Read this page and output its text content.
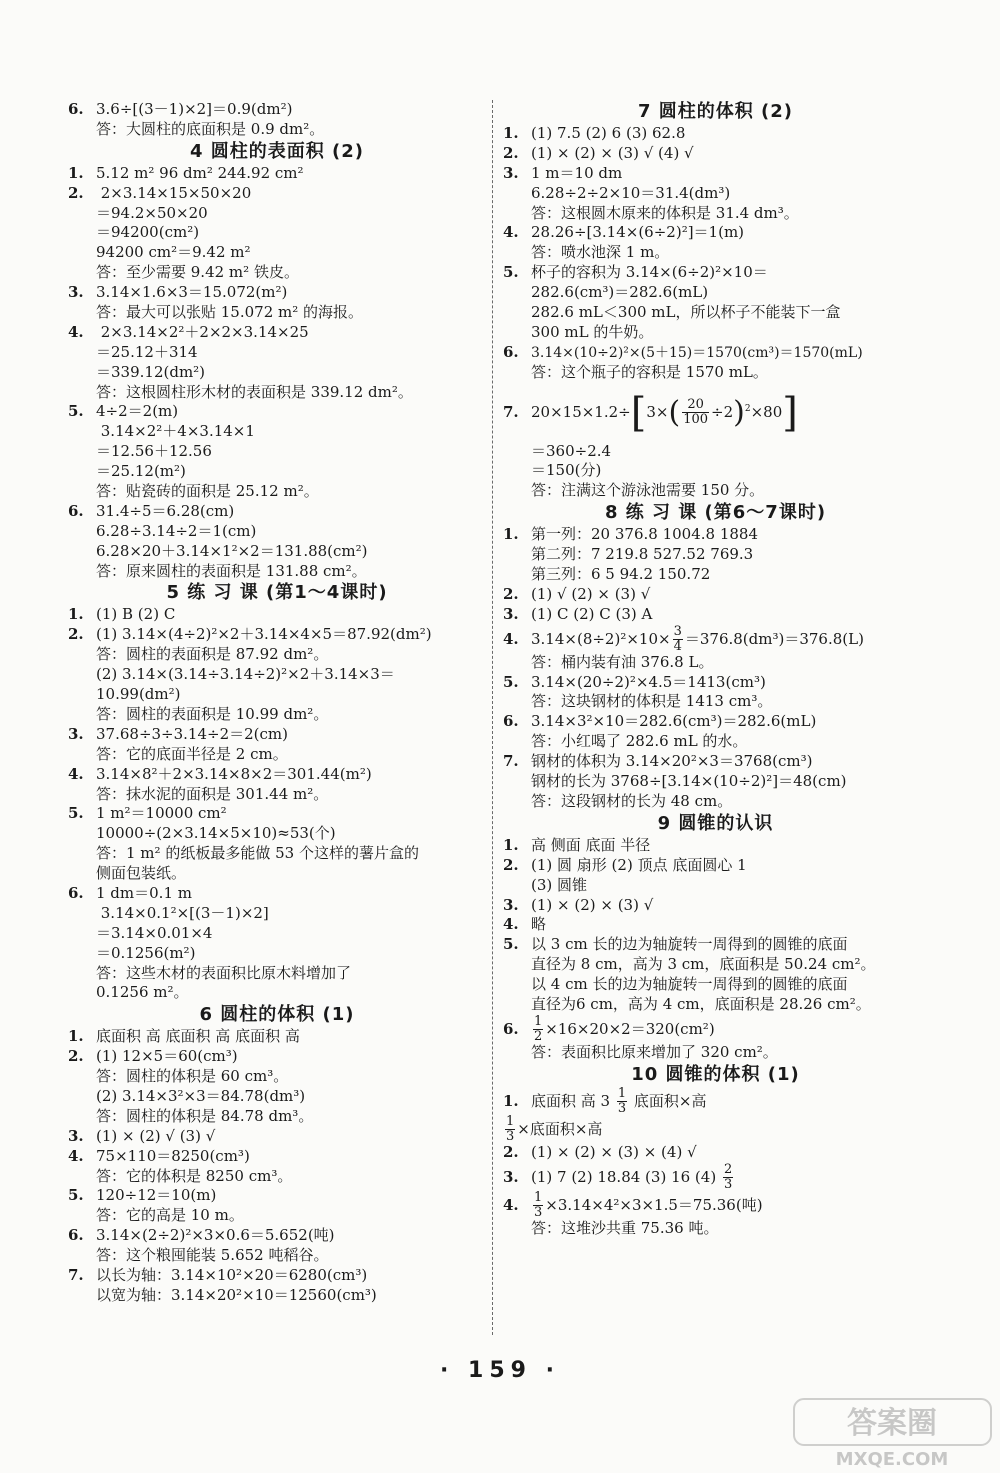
6. 3.6÷[(3－1)×2]＝0.9(dm²)
答：大圆柱的底面积是 0.9 dm²。
4 圆柱的表面积 (2)
1. 5.12 m² 96 dm² 244.92 cm²
2. 2×3.14×15×50×20
＝94.2×50×20
＝94200(cm²)
94200 cm²＝9.42 m²
答：至少需要 9.42 m² 铁皮。
3. 3.14×1.6×3＝15.072(m²)
答：最大可以张贴 15.072 m² 的海报。
4. 2×3.14×2²＋2×2×3.14×25
＝25.12＋314
＝339.12(dm²)
答：这根圆柱形木材的表面积是 339.12 dm²。
5. 4÷2＝2(m)
3.14×2²＋4×3.14×1
＝12.56＋12.56
＝25.12(m²)
答：贴瓷砖的面积是 25.12 m²。
6. 31.4÷5＝6.28(cm)
6.28÷3.14÷2＝1(cm)
6.28×20＋3.14×1²×2＝131.88(cm²)
答：原来圆柱的表面积是 131.88 cm²。
5 练 习 课 (第1～4课时)
1. (1) B (2) C
2. (1) 3.14×(4÷2)²×2＋3.14×4×5＝87.92(dm²)
答：圆柱的表面积是 87.92 dm²。
(2) 3.14×(3.14÷3.14÷2)²×2＋3.14×3＝
10.99(dm²)
答：圆柱的表面积是 10.99 dm²。
3. 37.68÷3÷3.14÷2＝2(cm)
答：它的底面半径是 2 cm。
4. 3.14×8²＋2×3.14×8×2＝301.44(m²)
答：抹水泥的面积是 301.44 m²。
5. 1 m²＝10000 cm²
10000÷(2×3.14×5×10)≈53(个)
答：1 m² 的纸板最多能做 53 个这样的薯片盒的
侧面包装纸。
6. 1 dm＝0.1 m
3.14×0.1²×[(3－1)×2]
＝3.14×0.01×4
＝0.1256(m²)
答：这些木材的表面积比原木料增加了
0.1256 m²。
6 圆柱的体积 (1)
1. 底面积 高 底面积 高 底面积 高
2. (1) 12×5＝60(cm³)
答：圆柱的体积是 60 cm³。
(2) 3.14×3²×3＝84.78(dm³)
答：圆柱的体积是 84.78 dm³。
3. (1) × (2) √ (3) √
4. 75×110＝8250(cm³)
答：它的体积是 8250 cm³。
5. 120÷12＝10(m)
答：它的高是 10 m。
6. 3.14×(2÷2)²×3×0.6＝5.652(吨)
答：这个粮囤能装 5.652 吨稻谷。
7. 以长为轴：3.14×10²×20＝6280(cm³)
以宽为轴：3.14×20²×10＝12560(cm³)
7 圆柱的体积 (2)
1. (1) 7.5 (2) 6 (3) 62.8
2. (1) × (2) × (3) √ (4) √
3. 1 m＝10 dm
6.28÷2÷2×10＝31.4(dm³)
答：这根圆木原来的体积是 31.4 dm³。
4. 28.26÷[3.14×(6÷2)²]＝1(m)
答：喷水池深 1 m。
5. 杯子的容积为 3.14×(6÷2)²×10＝
282.6(cm³)＝282.6(mL)
282.6 mL＜300 mL，所以杯子不能装下一盒
300 mL 的牛奶。
6. 3.14×(10÷2)²×(5＋15)＝1570(cm³)＝1570(mL)
答：这个瓶子的容积是 1570 mL。
7. $20\times 15\times 1.2\div[3\times( \frac{20}{100} \div 2)^2\times 80]$
＝360÷2.4
＝150(分)
答：注满这个游泳池需要 150 分。
8 练 习 课 (第6～7课时)
1. 第一列：20 376.8 1004.8 1884
第二列：7 219.8 527.52 769.3
第三列：6 5 94.2 150.72
2. (1) √ (2) × (3) √
3. (1) C (2) C (3) A
4. $3.14\times(8\div 2)^2\times 10\times \frac{3}{4} =376.8(dm^3)=376.8(L)$
答：桶内装有油 376.8 L。
5. 3.14×(20÷2)²×4.5＝1413(cm³)
答：这块钢材的体积是 1413 cm³。
6. 3.14×3²×10＝282.6(cm³)＝282.6(mL)
答：小红喝了 282.6 mL 的水。
7. 钢材的体积为 3.14×20²×3＝3768(cm³)
钢材的长为 3768÷[3.14×(10÷2)²]＝48(cm)
答：这段钢材的长为 48 cm。
9 圆锥的认识
1. 高 侧面 底面 半径
2. (1) 圆 扇形 (2) 顶点 底面圆心 1
(3) 圆锥
3. (1) × (2) × (3) √
4. 略
5. 以 3 cm 长的边为轴旋转一周得到的圆锥的底面
直径为 8 cm，高为 3 cm，底面积是 50.24 cm²。
以 4 cm 长的边为轴旋转一周得到的圆锥的底面
直径为6 cm，高为 4 cm，底面积是 28.26 cm²。
6. $\frac{1}{2} \times 16\times 20\times 2=320(cm^2)$
答：表面积比原来增加了 320 cm²。
10 圆锥的体积 (1)
1. 底面积 高 $3 \frac{1}{3}$ 底面积×高
$\frac{1}{3}$ ×底面积×高
2. (1) × (2) × (3) × (4) √
3. (1) 7 (2) 18.84 (3) 16 $(4) \frac{2}{3}$
4. $\frac{1}{3} \times 3.14\times 4^2\times 3\times 1.5=75.36$(吨)
答：这堆沙共重 75.36 吨。
· 159 ·
答案圈
MXQE.COM
